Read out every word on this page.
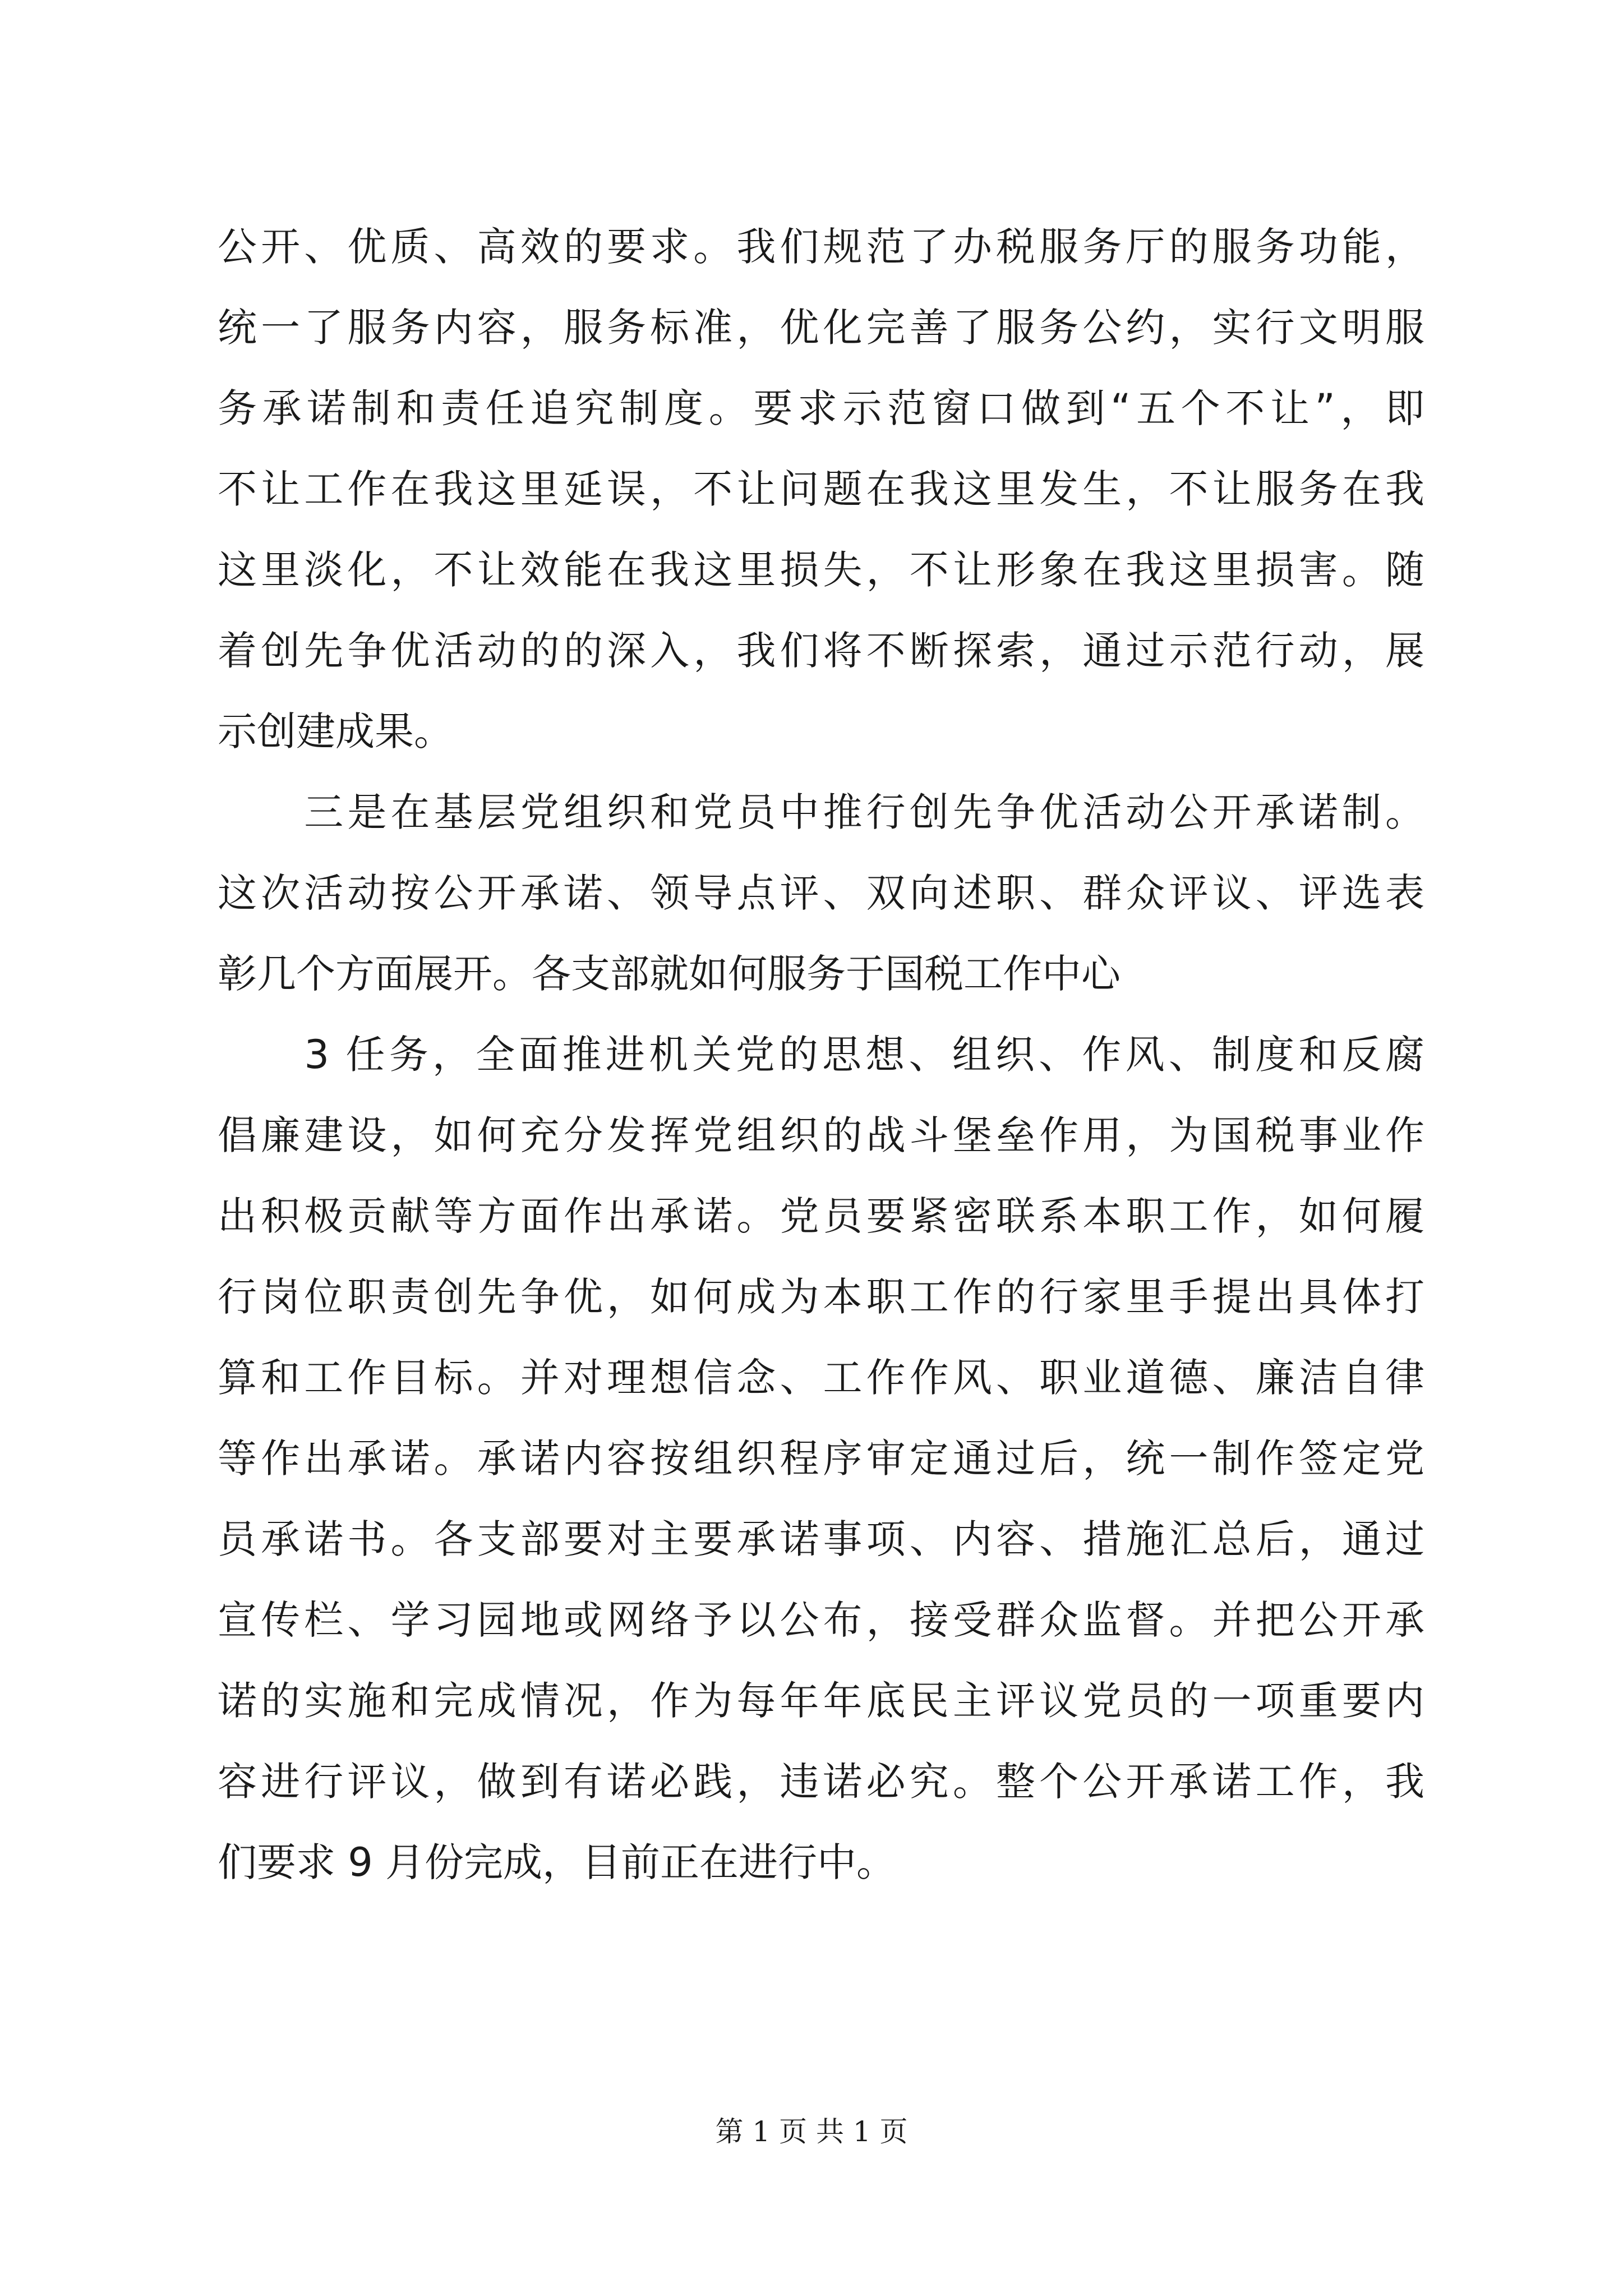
公开、优质、高效的要求。我们规范了办税服务厅的服务功能，
统一了服务内容，服务标准，优化完善了服务公约，实行文明服
务承诺制和责任追究制度。要求示范窗口做到“五个不让”，即
不让工作在我这里延误，不让问题在我这里发生，不让服务在我
这里淡化，不让效能在我这里损失，不让形象在我这里损害。随
着创先争优活动的的深入，我们将不断探索，通过示范行动，展
示创建成果。
　　三是在基层党组织和党员中推行创先争优活动公开承诺制。
这次活动按公开承诺、领导点评、双向述职、群众评议、评选表
彰几个方面展开。各支部就如何服务于国税工作中心
　　3 任务，全面推进机关党的思想、组织、作风、制度和反腐
倡廉建设，如何充分发挥党组织的战斗堡垒作用，为国税事业作
出积极贡献等方面作出承诺。党员要紧密联系本职工作，如何履
行岗位职责创先争优，如何成为本职工作的行家里手提出具体打
算和工作目标。并对理想信念、工作作风、职业道德、廉洁自律
等作出承诺。承诺内容按组织程序审定通过后，统一制作签定党
员承诺书。各支部要对主要承诺事项、内容、措施汇总后，通过
宣传栏、学习园地或网络予以公布，接受群众监督。并把公开承
诺的实施和完成情况，作为每年年底民主评议党员的一项重要内
容进行评议，做到有诺必践，违诺必究。整个公开承诺工作，我
们要求 9 月份完成，目前正在进行中。
第 1 页 共 1 页
